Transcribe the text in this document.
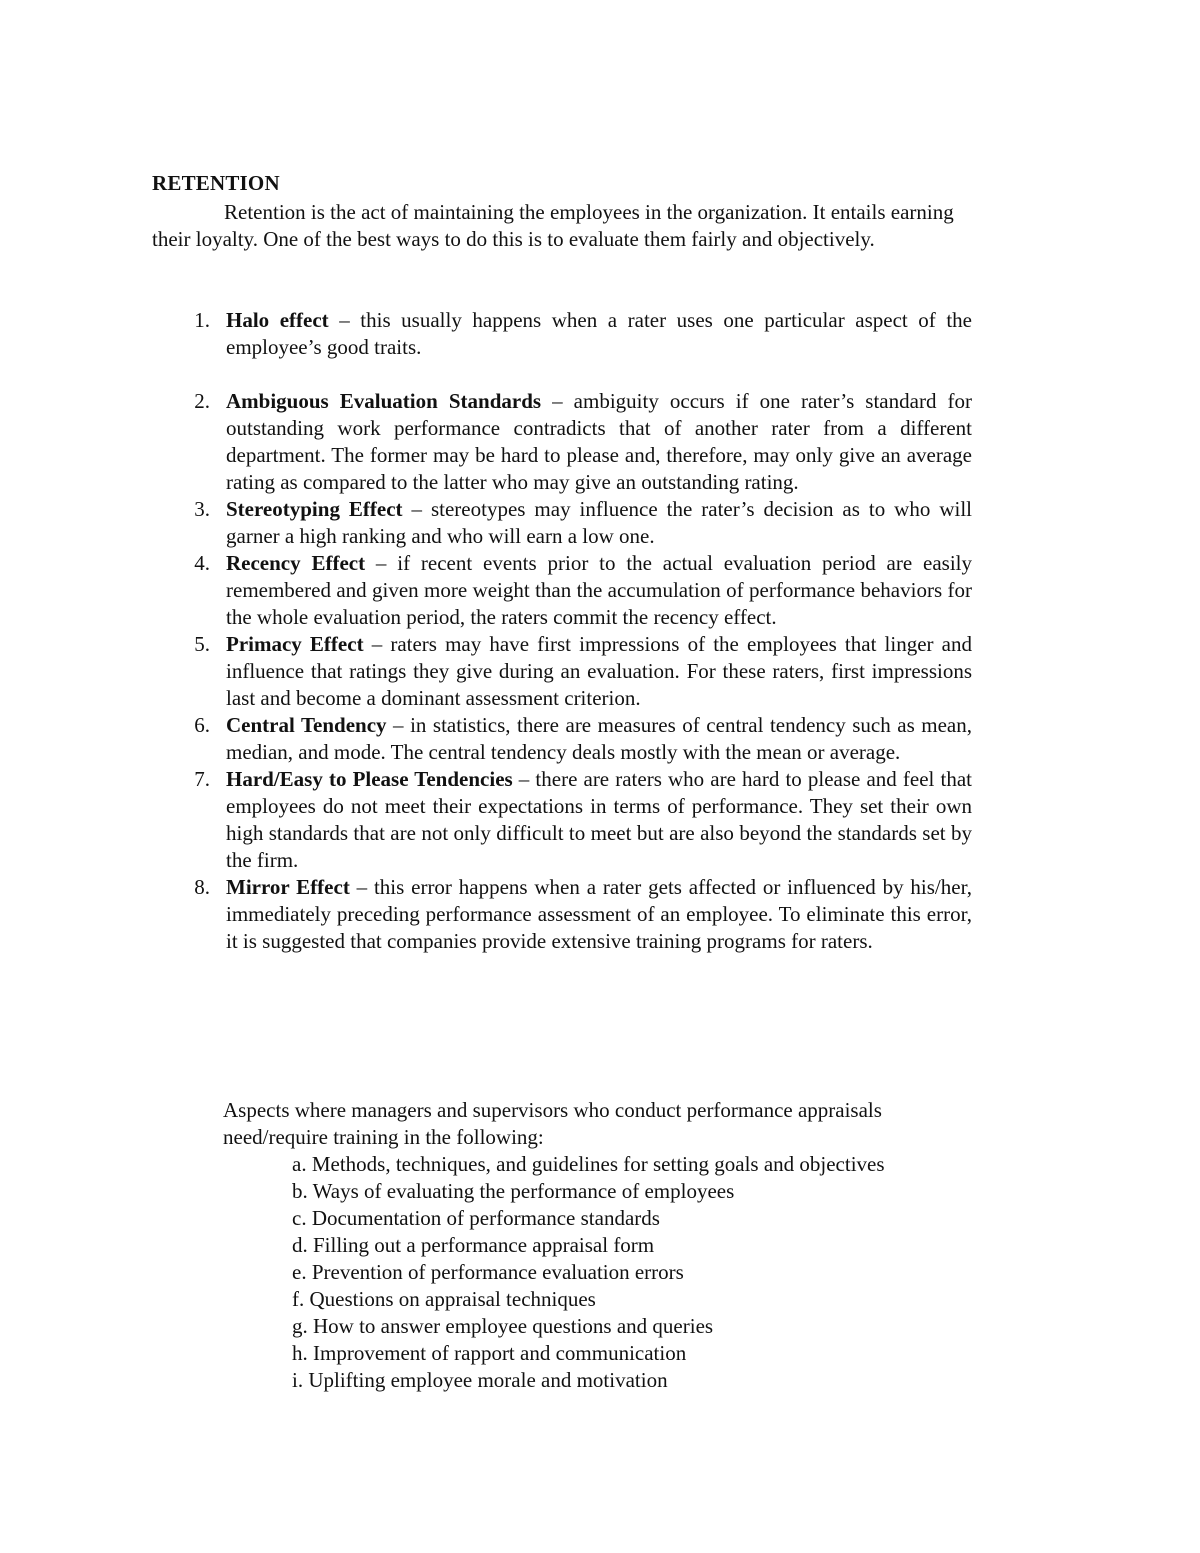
RETENTION

Retention is the act of maintaining the employees in the organization. It entails earning their loyalty. One of the best ways to do this is to evaluate them fairly and objectively.

1. Halo effect – this usually happens when a rater uses one particular aspect of the employee’s good traits.
2. Ambiguous Evaluation Standards – ambiguity occurs if one rater’s standard for outstanding work performance contradicts that of another rater from a different department. The former may be hard to please and, therefore, may only give an average rating as compared to the latter who may give an outstanding rating.
3. Stereotyping Effect – stereotypes may influence the rater’s decision as to who will garner a high ranking and who will earn a low one.
4. Recency Effect – if recent events prior to the actual evaluation period are easily remembered and given more weight than the accumulation of performance behaviors for the whole evaluation period, the raters commit the recency effect.
5. Primacy Effect – raters may have first impressions of the employees that linger and influence that ratings they give during an evaluation. For these raters, first impressions last and become a dominant assessment criterion.
6. Central Tendency – in statistics, there are measures of central tendency such as mean, median, and mode. The central tendency deals mostly with the mean or average.
7. Hard/Easy to Please Tendencies – there are raters who are hard to please and feel that employees do not meet their expectations in terms of performance. They set their own high standards that are not only difficult to meet but are also beyond the standards set by the firm.
8. Mirror Effect – this error happens when a rater gets affected or influenced by his/her, immediately preceding performance assessment of an employee. To eliminate this error, it is suggested that companies provide extensive training programs for raters.

Aspects where managers and supervisors who conduct performance appraisals need/require training in the following:

a. Methods, techniques, and guidelines for setting goals and objectives
b. Ways of evaluating the performance of employees
c. Documentation of performance standards
d. Filling out a performance appraisal form
e. Prevention of performance evaluation errors
f. Questions on appraisal techniques
g. How to answer employee questions and queries
h. Improvement of rapport and communication
i. Uplifting employee morale and motivation
